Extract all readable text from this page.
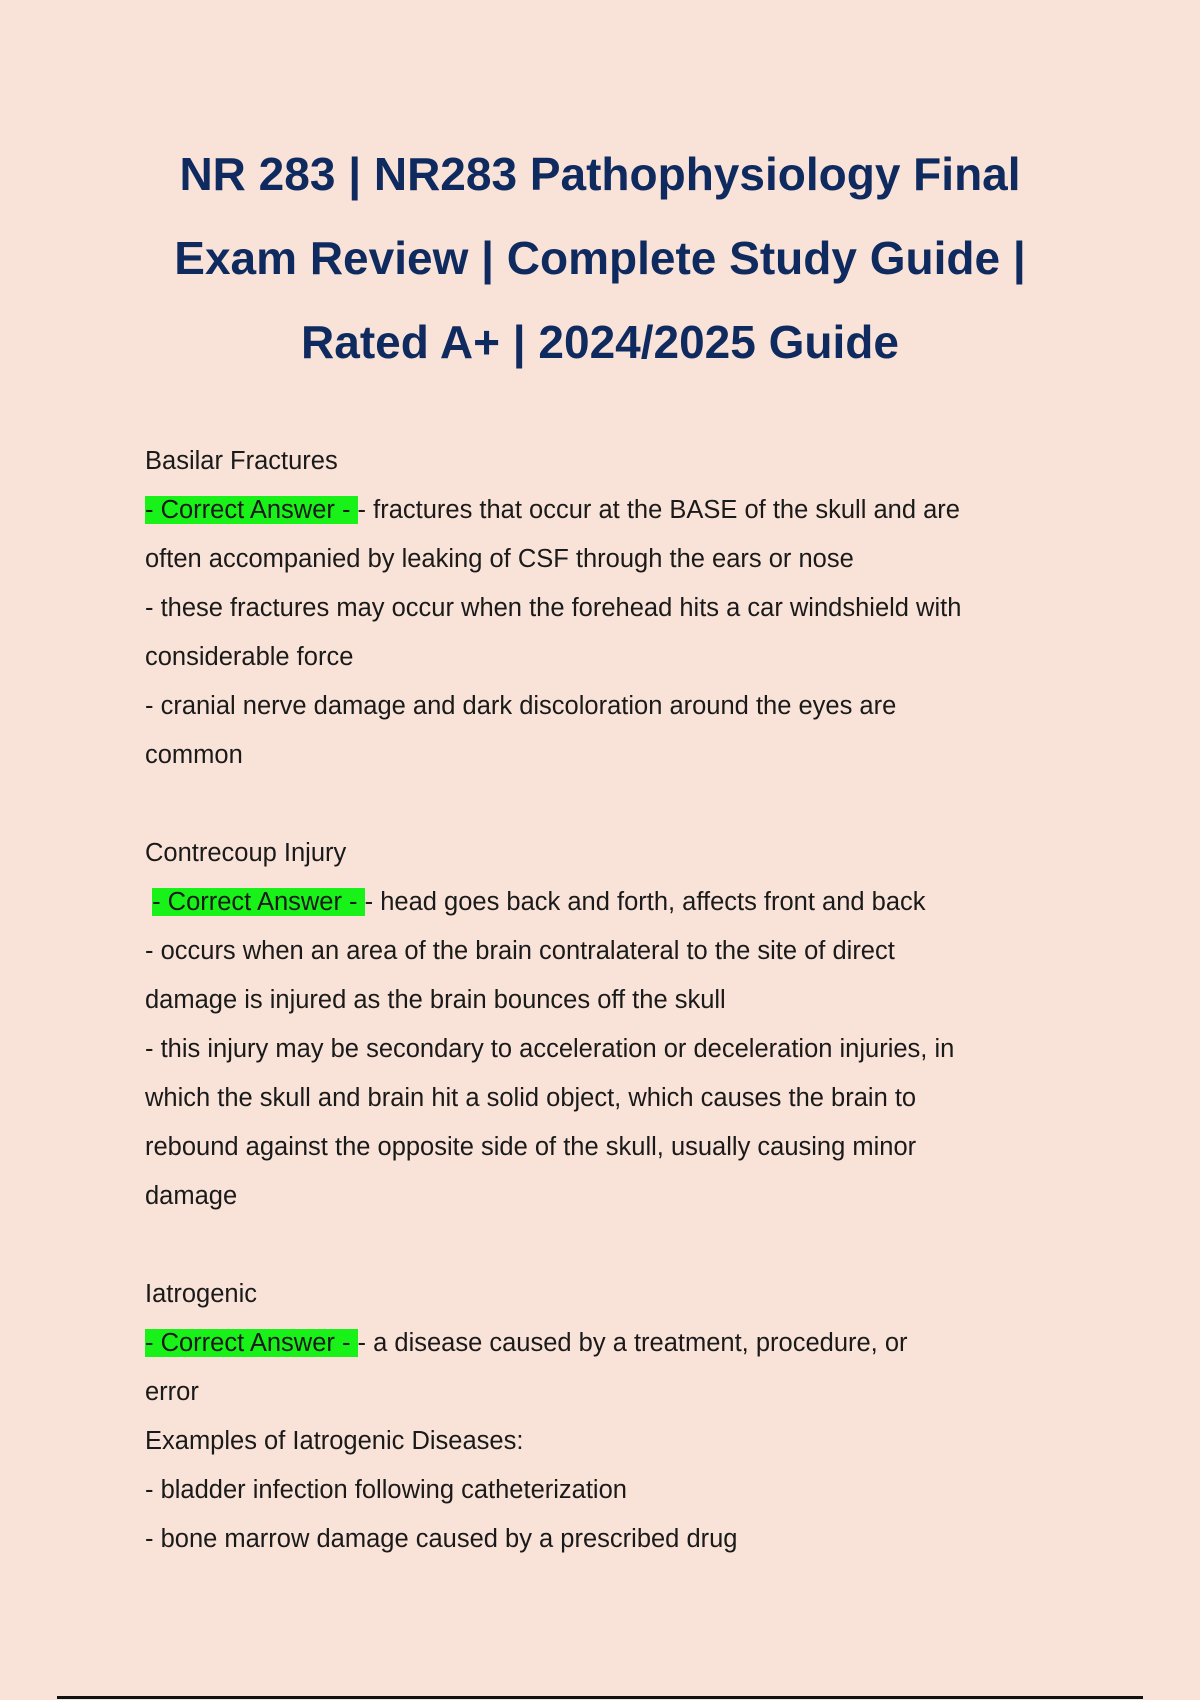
NR 283 | NR283 Pathophysiology Final
Exam Review | Complete Study Guide |
Rated A+ | 2024/2025 Guide
Basilar Fractures
- Correct Answer - - fractures that occur at the BASE of the skull and are
often accompanied by leaking of CSF through the ears or nose
- these fractures may occur when the forehead hits a car windshield with
considerable force
- cranial nerve damage and dark discoloration around the eyes are
common
Contrecoup Injury
- Correct Answer - - head goes back and forth, affects front and back
- occurs when an area of the brain contralateral to the site of direct
damage is injured as the brain bounces off the skull
- this injury may be secondary to acceleration or deceleration injuries, in
which the skull and brain hit a solid object, which causes the brain to
rebound against the opposite side of the skull, usually causing minor
damage
Iatrogenic
- Correct Answer - - a disease caused by a treatment, procedure, or
error
Examples of Iatrogenic Diseases:
- bladder infection following catheterization
- bone marrow damage caused by a prescribed drug
